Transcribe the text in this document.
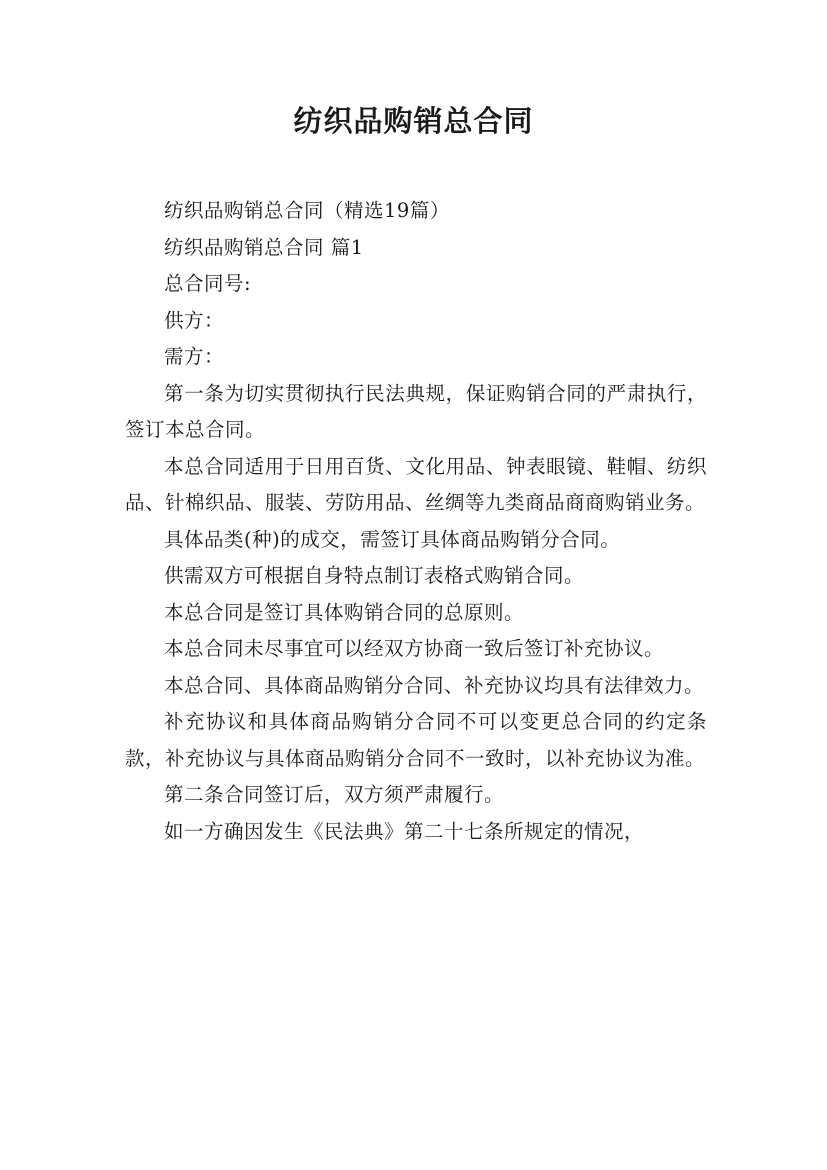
纺织品购销总合同

纺织品购销总合同（精选19篇）

纺织品购销总合同 篇1

总合同号:

供方：

需方：

第一条为切实贯彻执行民法典规，保证购销合同的严肃执行，签订本总合同。

本总合同适用于日用百货、文化用品、钟表眼镜、鞋帽、纺织品、针棉织品、服装、劳防用品、丝绸等九类商品商商购销业务。

具体品类(种)的成交，需签订具体商品购销分合同。

供需双方可根据自身特点制订表格式购销合同。

本总合同是签订具体购销合同的总原则。

本总合同未尽事宜可以经双方协商一致后签订补充协议。

本总合同、具体商品购销分合同、补充协议均具有法律效力。

补充协议和具体商品购销分合同不可以变更总合同的约定条款，补充协议与具体商品购销分合同不一致时，以补充协议为准。

第二条合同签订后，双方须严肃履行。

如一方确因发生《民法典》第二十七条所规定的情况，
